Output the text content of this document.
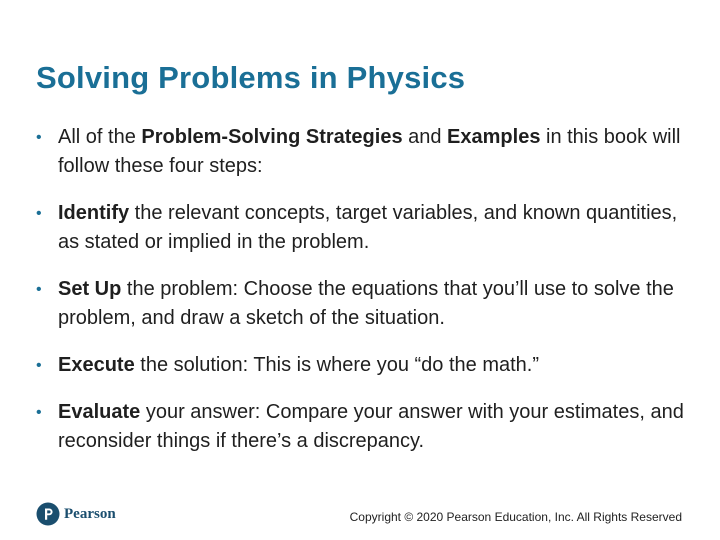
Solving Problems in Physics
• All of the Problem-Solving Strategies and Examples in this book will follow these four steps:
• Identify the relevant concepts, target variables, and known quantities, as stated or implied in the problem.
• Set Up the problem: Choose the equations that you’ll use to solve the problem, and draw a sketch of the situation.
• Execute the solution: This is where you “do the math.”
• Evaluate your answer: Compare your answer with your estimates, and reconsider things if there’s a discrepancy.
Pearson	Copyright © 2020 Pearson Education, Inc. All Rights Reserved
